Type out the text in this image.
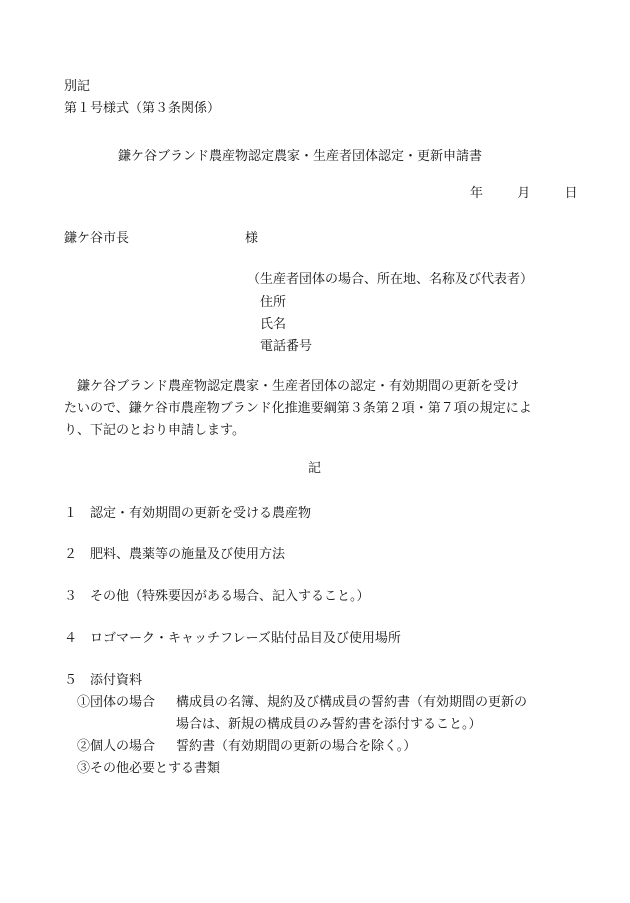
別記
第１号様式（第３条関係）
鎌ケ谷ブランド農産物認定農家・生産者団体認定・更新申請書
年	月	日
鎌ケ谷市長	様
（生産者団体の場合、所在地、名称及び代表者）
住所
氏名
電話番号
鎌ケ谷ブランド農産物認定農家・生産者団体の認定・有効期間の更新を受け
たいので、鎌ケ谷市農産物ブランド化推進要綱第３条第２項・第７項の規定によ
り、下記のとおり申請します。
記
１ 認定・有効期間の更新を受ける農産物
２ 肥料、農薬等の施量及び使用方法
３ その他（特殊要因がある場合、記入すること。）
４ ロゴマーク・キャッチフレーズ貼付品目及び使用場所
５ 添付資料
①団体の場合 構成員の名簿、規約及び構成員の誓約書（有効期間の更新の
場合は、新規の構成員のみ誓約書を添付すること。）
②個人の場合 誓約書（有効期間の更新の場合を除く。）
③その他必要とする書類
